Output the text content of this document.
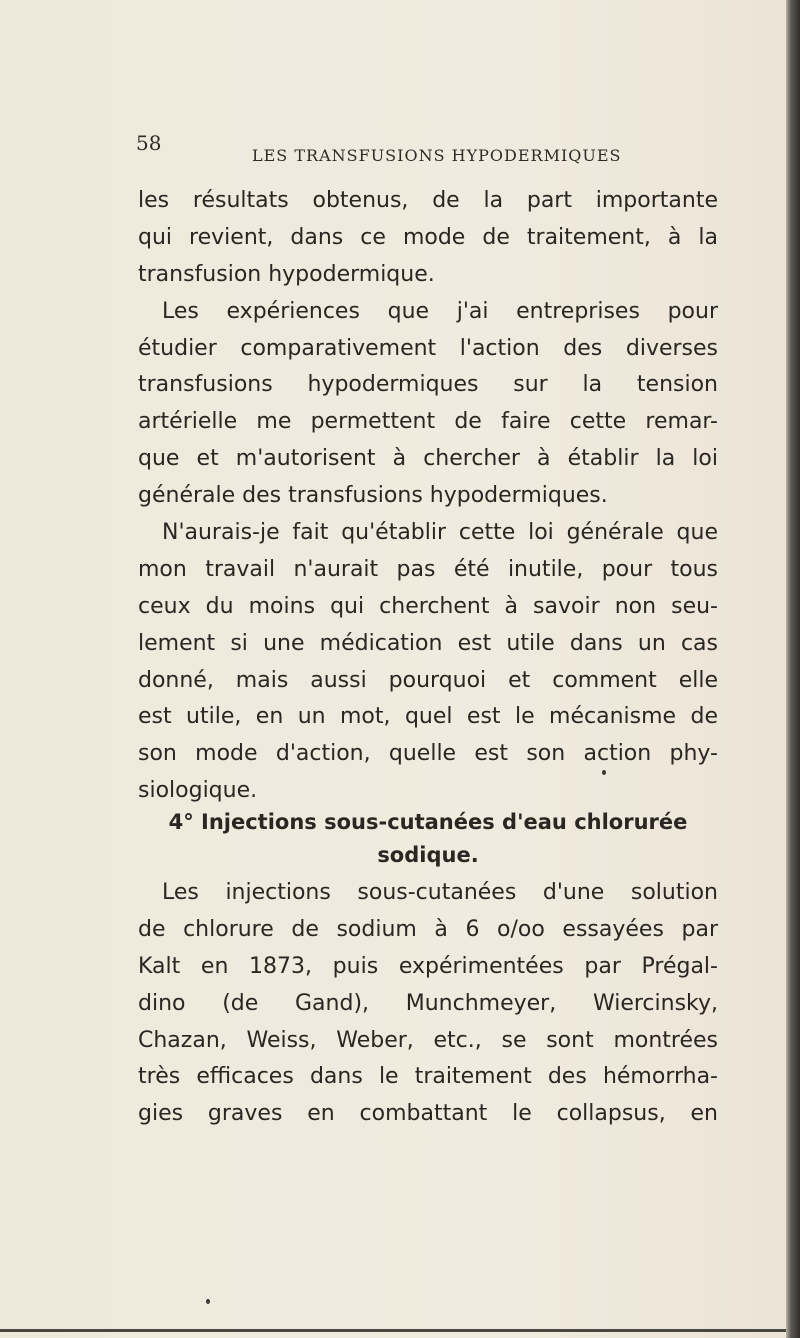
58
LES TRANSFUSIONS HYPODERMIQUES
les résultats obtenus, de la part importante
qui revient, dans ce mode de traitement, à la
transfusion hypodermique.
Les expériences que j'ai entreprises pour
étudier comparativement l'action des diverses
transfusions hypodermiques sur la tension
artérielle me permettent de faire cette remar-
que et m'autorisent à chercher à établir la loi
générale des transfusions hypodermiques.
N'aurais-je fait qu'établir cette loi générale que
mon travail n'aurait pas été inutile, pour tous
ceux du moins qui cherchent à savoir non seu-
lement si une médication est utile dans un cas
donné, mais aussi pourquoi et comment elle
est utile, en un mot, quel est le mécanisme de
son mode d'action, quelle est son action phy-
siologique.
4° Injections sous-cutanées d'eau chlorurée
sodique.
Les injections sous-cutanées d'une solution
de chlorure de sodium à 6 o/oo essayées par
Kalt en 1873, puis expérimentées par Prégal-
dino (de Gand), Munchmeyer, Wiercinsky,
Chazan, Weiss, Weber, etc., se sont montrées
très efficaces dans le traitement des hémorrha-
gies graves en combattant le collapsus, en
